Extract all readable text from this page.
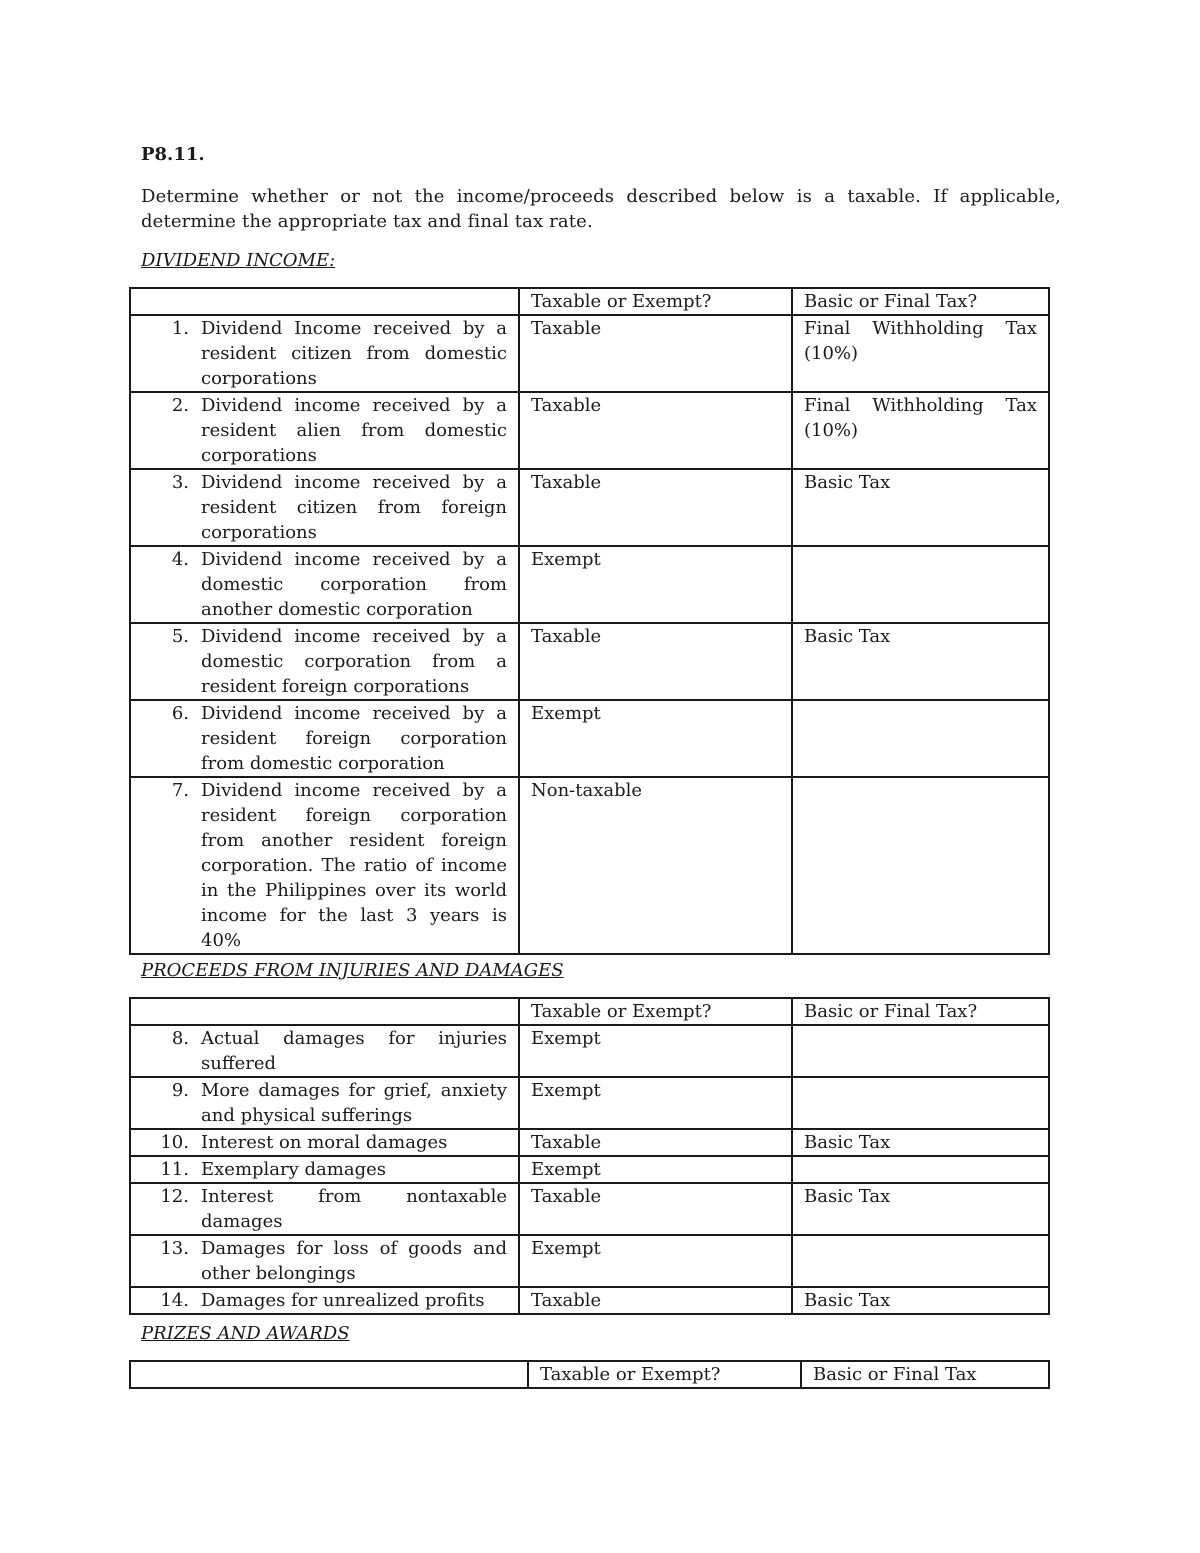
P8.11.
Determine whether or not the income/proceeds described below is a taxable. If applicable, determine the appropriate tax and final tax rate.
DIVIDEND INCOME:
	Taxable or Exempt?	Basic or Final Tax?

1. Dividend Income received by a resident citizen from domestic corporations	Taxable	Final Withholding Tax (10%)

2. Dividend income received by a resident alien from domestic corporations	Taxable	Final Withholding Tax (10%)

3. Dividend income received by a resident citizen from foreign corporations	Taxable	Basic Tax

4. Dividend income received by a domestic corporation from another domestic corporation	Exempt	

5. Dividend income received by a domestic corporation from a resident foreign corporations	Taxable	Basic Tax

6. Dividend income received by a resident foreign corporation from domestic corporation	Exempt	

7. Dividend income received by a resident foreign corporation from another resident foreign corporation. The ratio of income in the Philippines over its world income for the last 3 years is 40%	Non-taxable	
PROCEEDS FROM INJURIES AND DAMAGES
	Taxable or Exempt?	Basic or Final Tax?

8. Actual damages for injuries suffered	Exempt	

9. More damages for grief, anxiety and physical sufferings	Exempt	

10. Interest on moral damages	Taxable	Basic Tax

11. Exemplary damages	Exempt	

12. Interest from nontaxable damages	Taxable	Basic Tax

13. Damages for loss of goods and other belongings	Exempt	

14. Damages for unrealized profits	Taxable	Basic Tax
PRIZES AND AWARDS
	Taxable or Exempt?	Basic or Final Tax
